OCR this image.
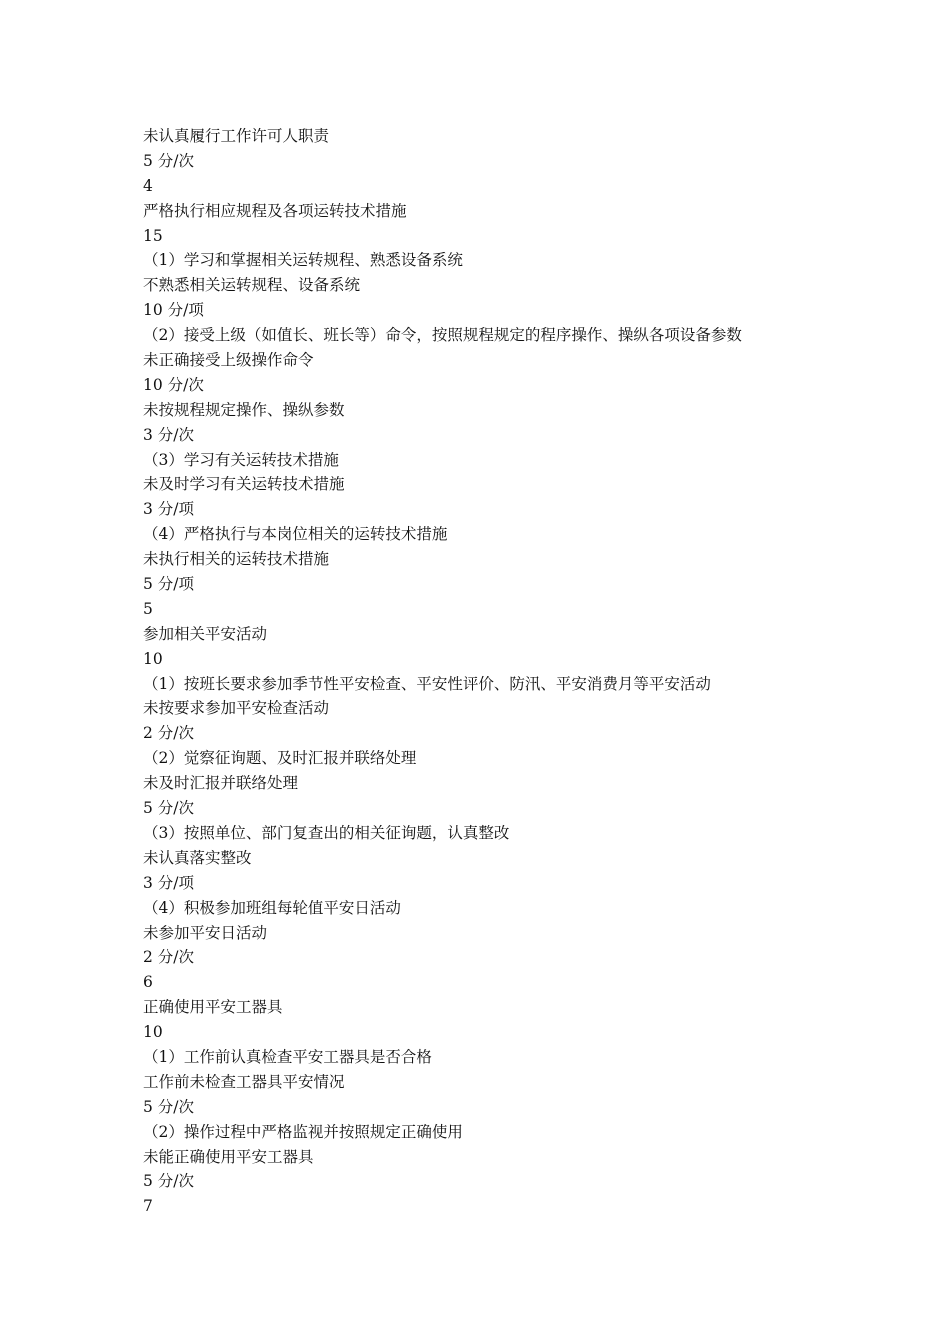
未认真履行工作许可人职责
5 分/次
4
严格执行相应规程及各项运转技术措施
15
（1）学习和掌握相关运转规程、熟悉设备系统
不熟悉相关运转规程、设备系统
10 分/项
（2）接受上级（如值长、班长等）命令，按照规程规定的程序操作、操纵各项设备参数
未正确接受上级操作命令
10 分/次
未按规程规定操作、操纵参数
3 分/次
（3）学习有关运转技术措施
未及时学习有关运转技术措施
3 分/项
（4）严格执行与本岗位相关的运转技术措施
未执行相关的运转技术措施
5 分/项
5
参加相关平安活动
10
（1）按班长要求参加季节性平安检查、平安性评价、防汛、平安消费月等平安活动
未按要求参加平安检查活动
2 分/次
（2）觉察征询题、及时汇报并联络处理
未及时汇报并联络处理
5 分/次
（3）按照单位、部门复查出的相关征询题，认真整改
未认真落实整改
3 分/项
（4）积极参加班组每轮值平安日活动
未参加平安日活动
2 分/次
6
正确使用平安工器具
10
（1）工作前认真检查平安工器具是否合格
工作前未检查工器具平安情况
5 分/次
（2）操作过程中严格监视并按照规定正确使用
未能正确使用平安工器具
5 分/次
7
